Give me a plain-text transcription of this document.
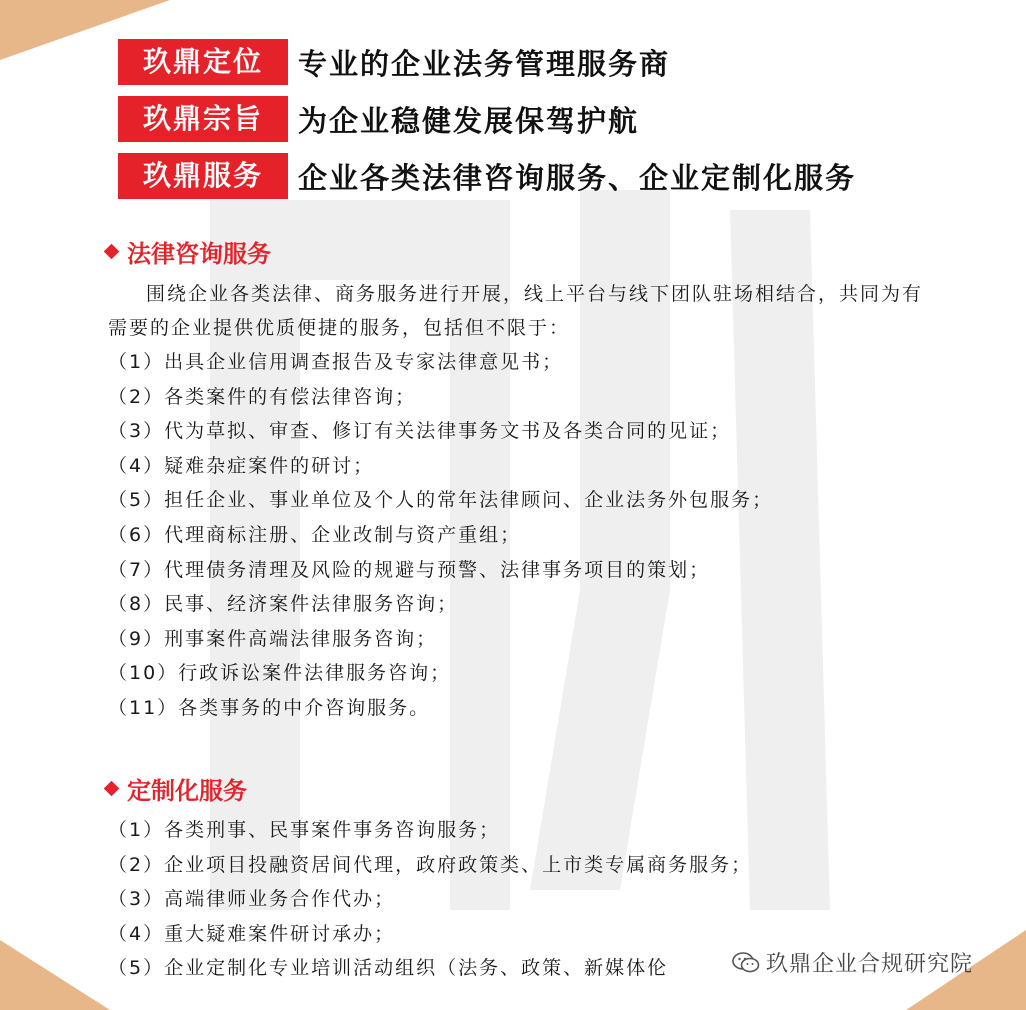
玖鼎定位	专业的企业法务管理服务商
玖鼎宗旨	为企业稳健发展保驾护航
玖鼎服务	企业各类法律咨询服务、企业定制化服务
法律咨询服务
围绕企业各类法律、商务服务进行开展，线上平台与线下团队驻场相结合，共同为有需要的企业提供优质便捷的服务，包括但不限于：
（1）出具企业信用调查报告及专家法律意见书；
（2）各类案件的有偿法律咨询；
（3）代为草拟、审查、修订有关法律事务文书及各类合同的见证；
（4）疑难杂症案件的研讨；
（5）担任企业、事业单位及个人的常年法律顾问、企业法务外包服务；
（6）代理商标注册、企业改制与资产重组；
（7）代理债务清理及风险的规避与预警、法律事务项目的策划；
（8）民事、经济案件法律服务咨询；
（9）刑事案件高端法律服务咨询；
（10）行政诉讼案件法律服务咨询；
（11）各类事务的中介咨询服务。
定制化服务
（1）各类刑事、民事案件事务咨询服务；
（2）企业项目投融资居间代理，政府政策类、上市类专属商务服务；
（3）高端律师业务合作代办；
（4）重大疑难案件研讨承办；
（5）企业定制化专业培训活动组织（法务、政策、新媒体伦	玖鼎企业合规研究院
